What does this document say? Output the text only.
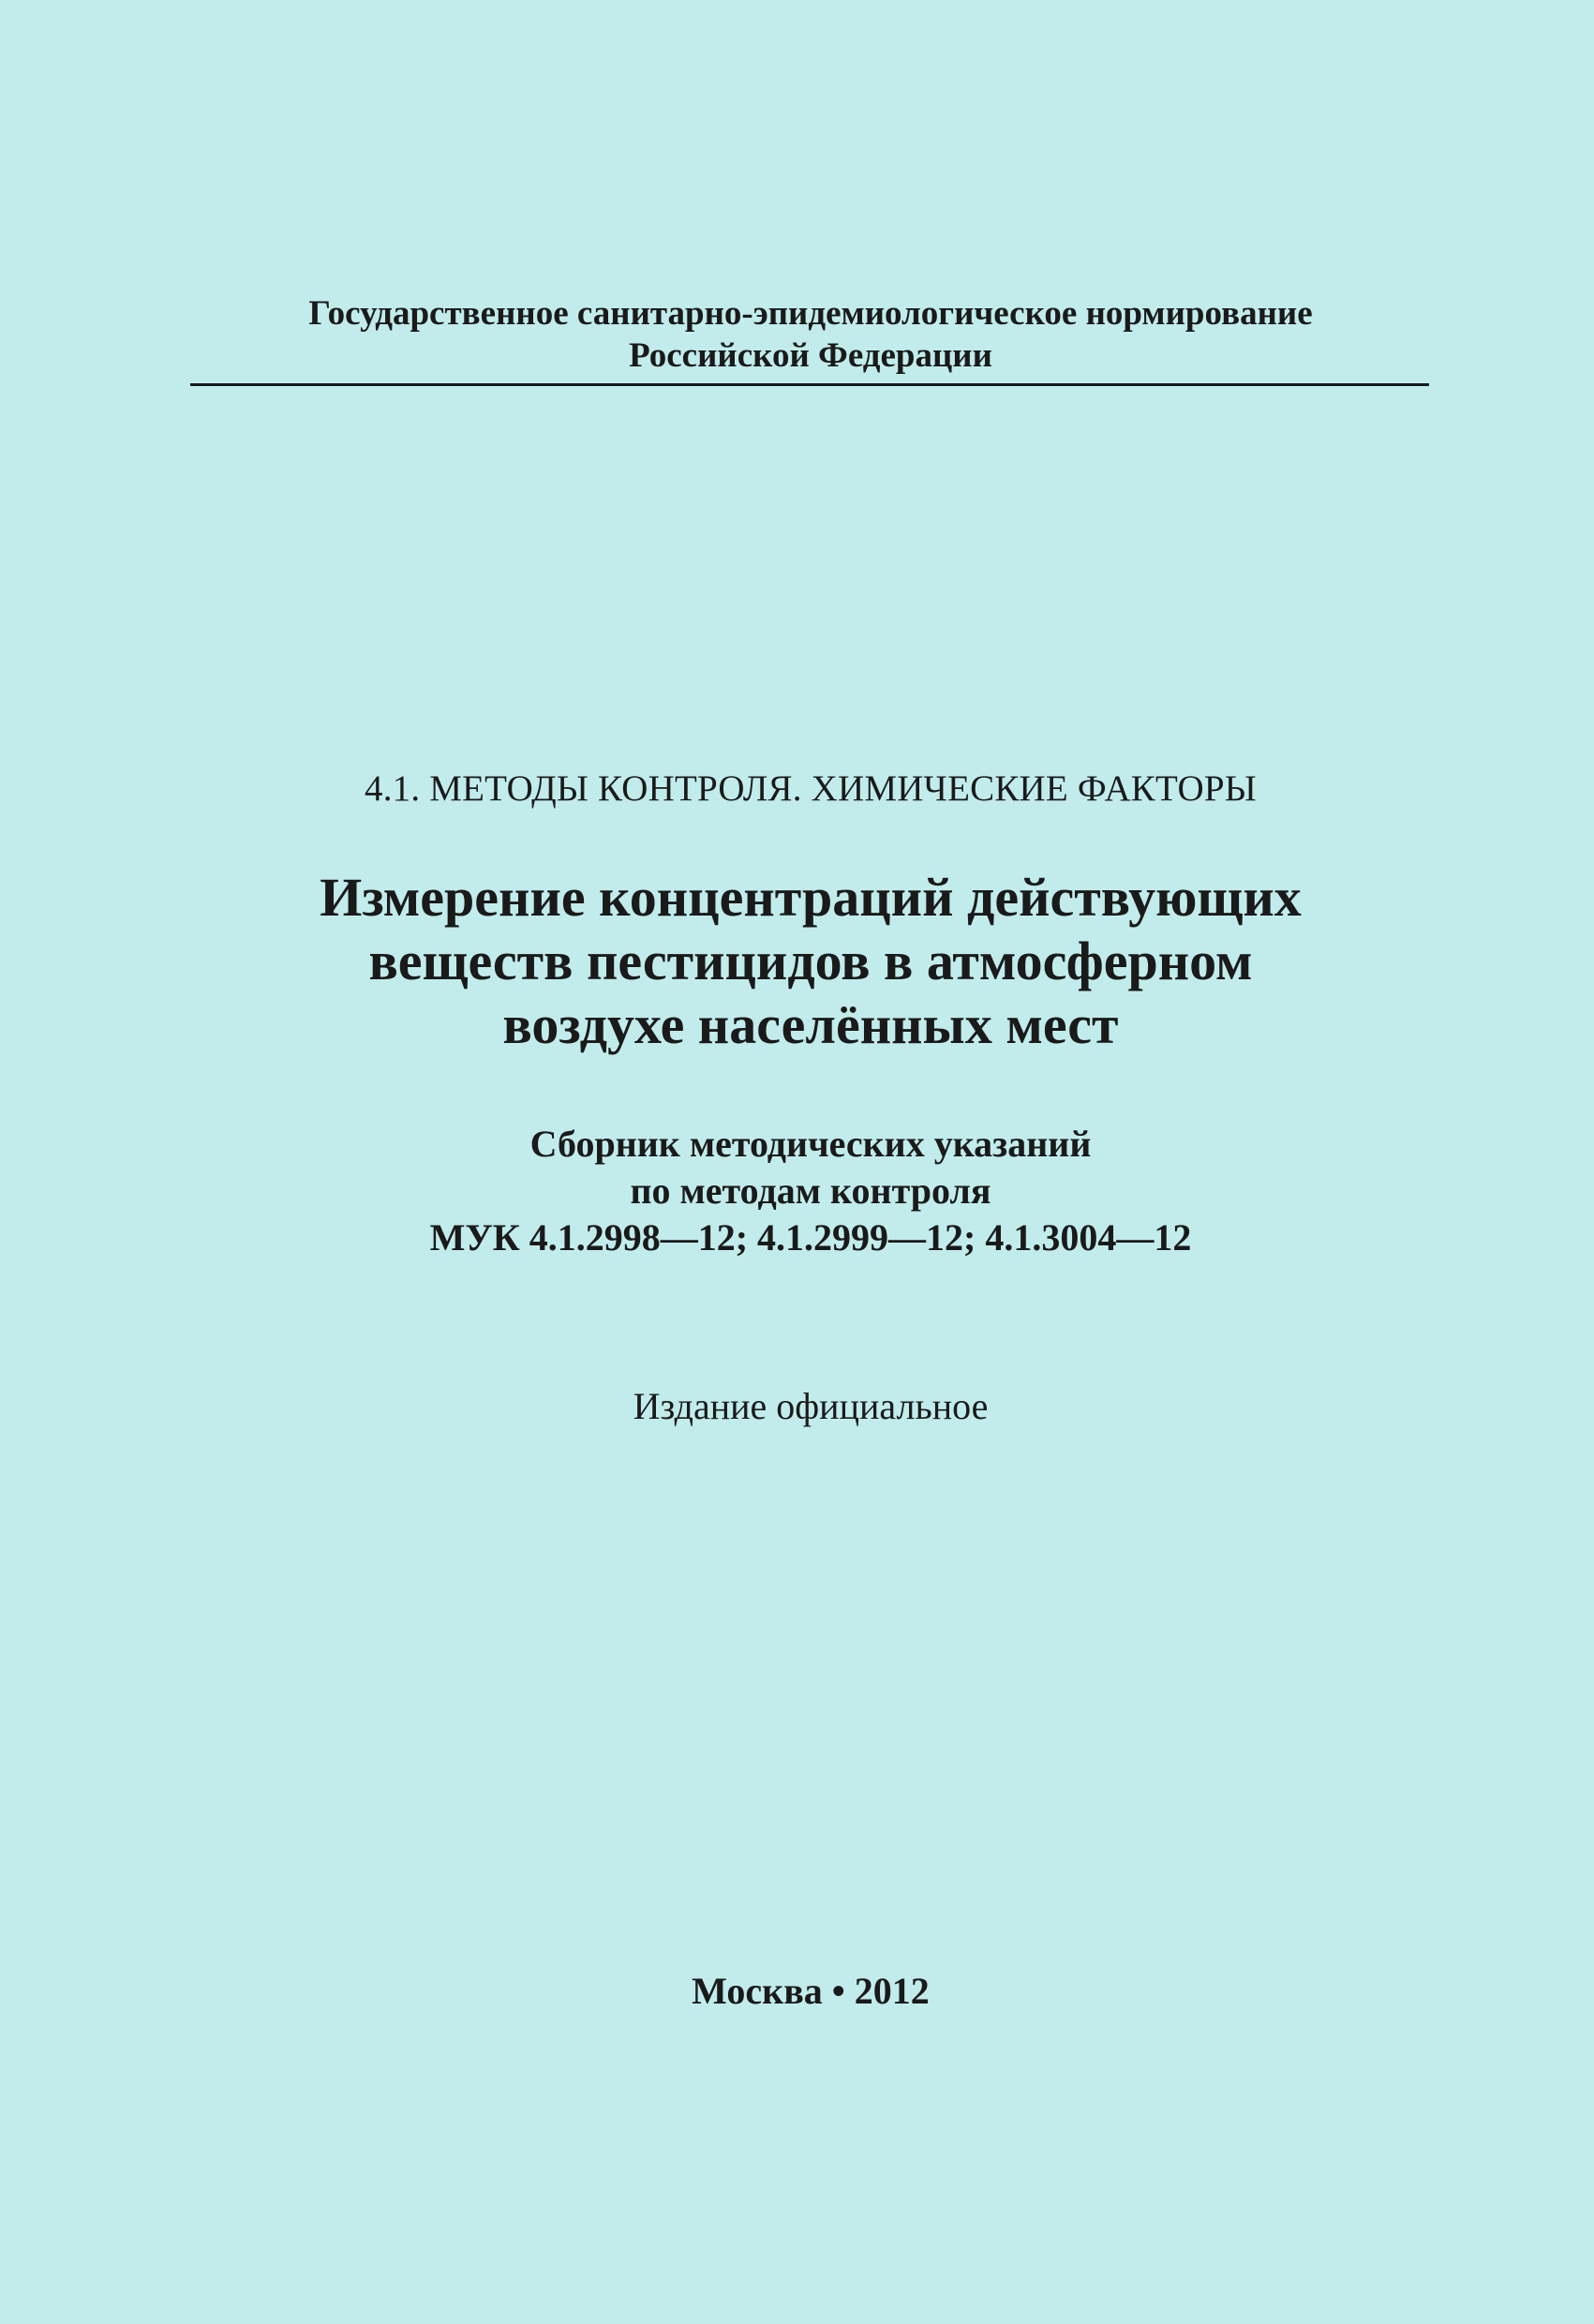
Государственное санитарно-эпидемиологическое нормирование
Российской Федерации
4.1. МЕТОДЫ КОНТРОЛЯ. ХИМИЧЕСКИЕ ФАКТОРЫ
Измерение концентраций действующих
веществ пестицидов в атмосферном
воздухе населённых мест
Сборник методических указаний
по методам контроля
МУК 4.1.2998—12; 4.1.2999—12; 4.1.3004—12
Издание официальное
Москва • 2012
